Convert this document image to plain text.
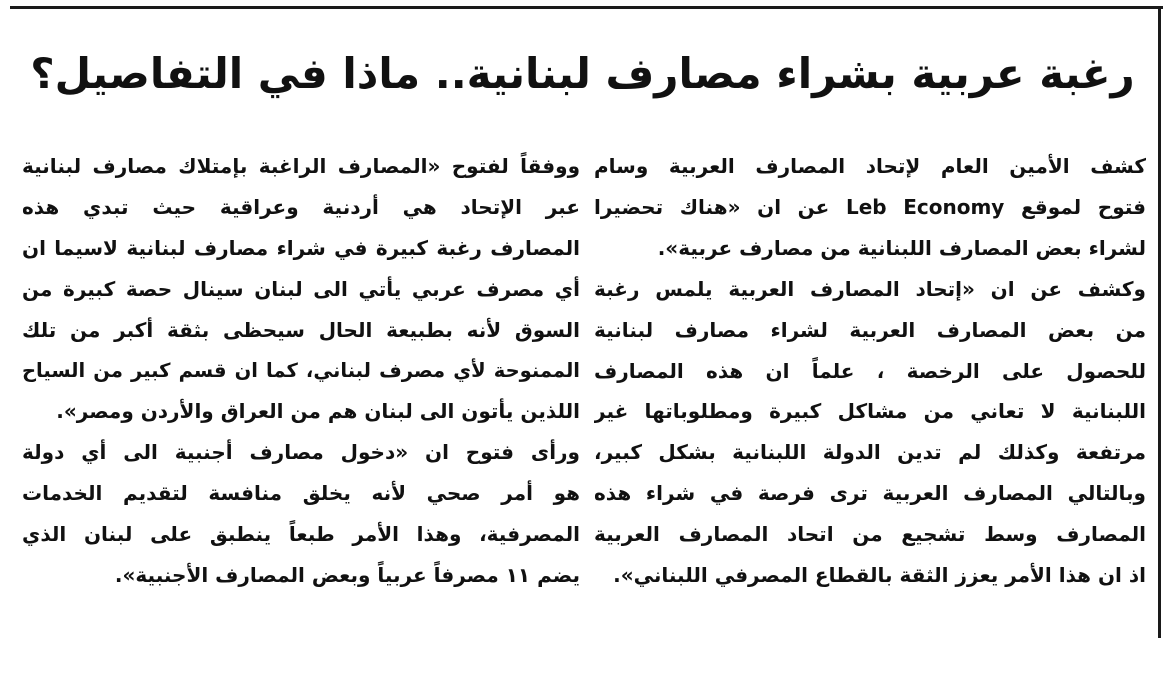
رغبة عربية بشراء مصارف لبنانية.. ماذا في التفاصيل؟
كشف الأمين العام لإتحاد المصارف العربية وسام
فتوح لموقع Leb Economy عن ان «هناك تحضيرا
لشراء بعض المصارف اللبنانية من مصارف عربية».
وكشف عن ان «إتحاد المصارف العربية يلمس رغبة
من بعض المصارف العربية لشراء مصارف لبنانية
للحصول على الرخصة ، علماً ان هذه المصارف
اللبنانية لا تعاني من مشاكل كبيرة ومطلوباتها غير
مرتفعة وكذلك لم تدين الدولة اللبنانية بشكل كبير،
وبالتالي المصارف العربية ترى فرصة في شراء هذه
المصارف وسط تشجيع من اتحاد المصارف العربية
اذ ان هذا الأمر يعزز الثقة بالقطاع المصرفي اللبناني».
ووفقاً لفتوح «المصارف الراغبة بإمتلاك مصارف لبنانية
عبر الإتحاد هي أردنية وعراقية حيث تبدي هذه
المصارف رغبة كبيرة في شراء مصارف لبنانية لاسيما ان
أي مصرف عربي يأتي الى لبنان سينال حصة كبيرة من
السوق لأنه بطبيعة الحال سيحظى بثقة أكبر من تلك
الممنوحة لأي مصرف لبناني، كما ان قسم كبير من السياح
اللذين يأتون الى لبنان هم من العراق والأردن ومصر».
ورأى فتوح ان «دخول مصارف أجنبية الى أي دولة
هو أمر صحي لأنه يخلق منافسة لتقديم الخدمات
المصرفية، وهذا الأمر طبعاً ينطبق على لبنان الذي
يضم ١١ مصرفاً عربياً وبعض المصارف الأجنبية».
